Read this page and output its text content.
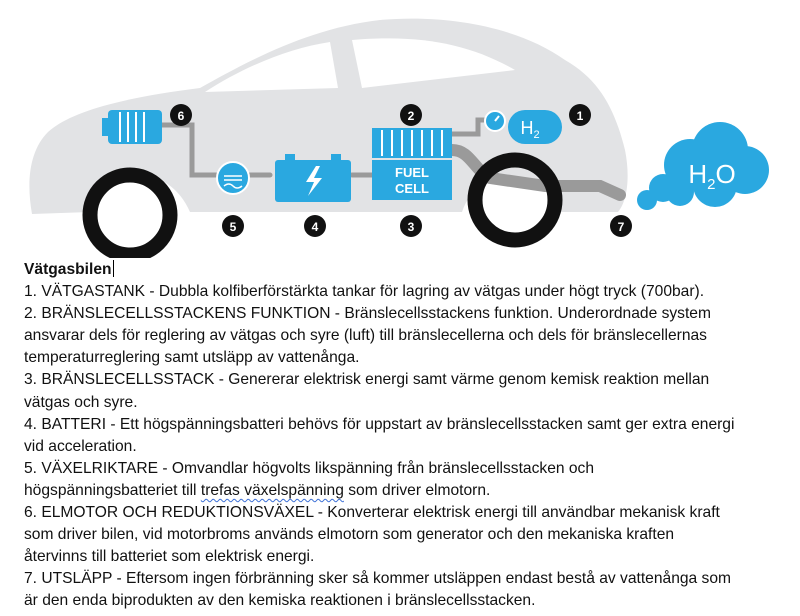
FUEL
CELL
$H_2$
$H_2O$
1
2
3
4
5
6
7

Vätgasbilen

1. VÄTGASTANK - Dubbla kolfiberförstärkta tankar för lagring av vätgas under högt tryck (700bar).

2. BRÄNSLECELLSSTACKENS FUNKTION - Bränslecellsstackens funktion. Underordnade system

ansvarar dels för reglering av vätgas och syre (luft) till bränslecellerna och dels för bränslecellernas

temperaturreglering samt utsläpp av vattenånga.

3. BRÄNSLECELLSSTACK - Genererar elektrisk energi samt värme genom kemisk reaktion mellan

vätgas och syre.

4. BATTERI - Ett högspänningsbatteri behövs för uppstart av bränslecellsstacken samt ger extra energi

vid acceleration.

5. VÄXELRIKTARE - Omvandlar högvolts likspänning från bränslecellsstacken och

högspänningsbatteriet till trefas växelspänning som driver elmotorn.

6. ELMOTOR OCH REDUKTIONSVÄXEL - Konverterar elektrisk energi till användbar mekanisk kraft

som driver bilen, vid motorbroms används elmotorn som generator och den mekaniska kraften

återvinns till batteriet som elektrisk energi.

7. UTSLÄPP - Eftersom ingen förbränning sker så kommer utsläppen endast bestå av vattenånga som

är den enda biprodukten av den kemiska reaktionen i bränslecellsstacken.
